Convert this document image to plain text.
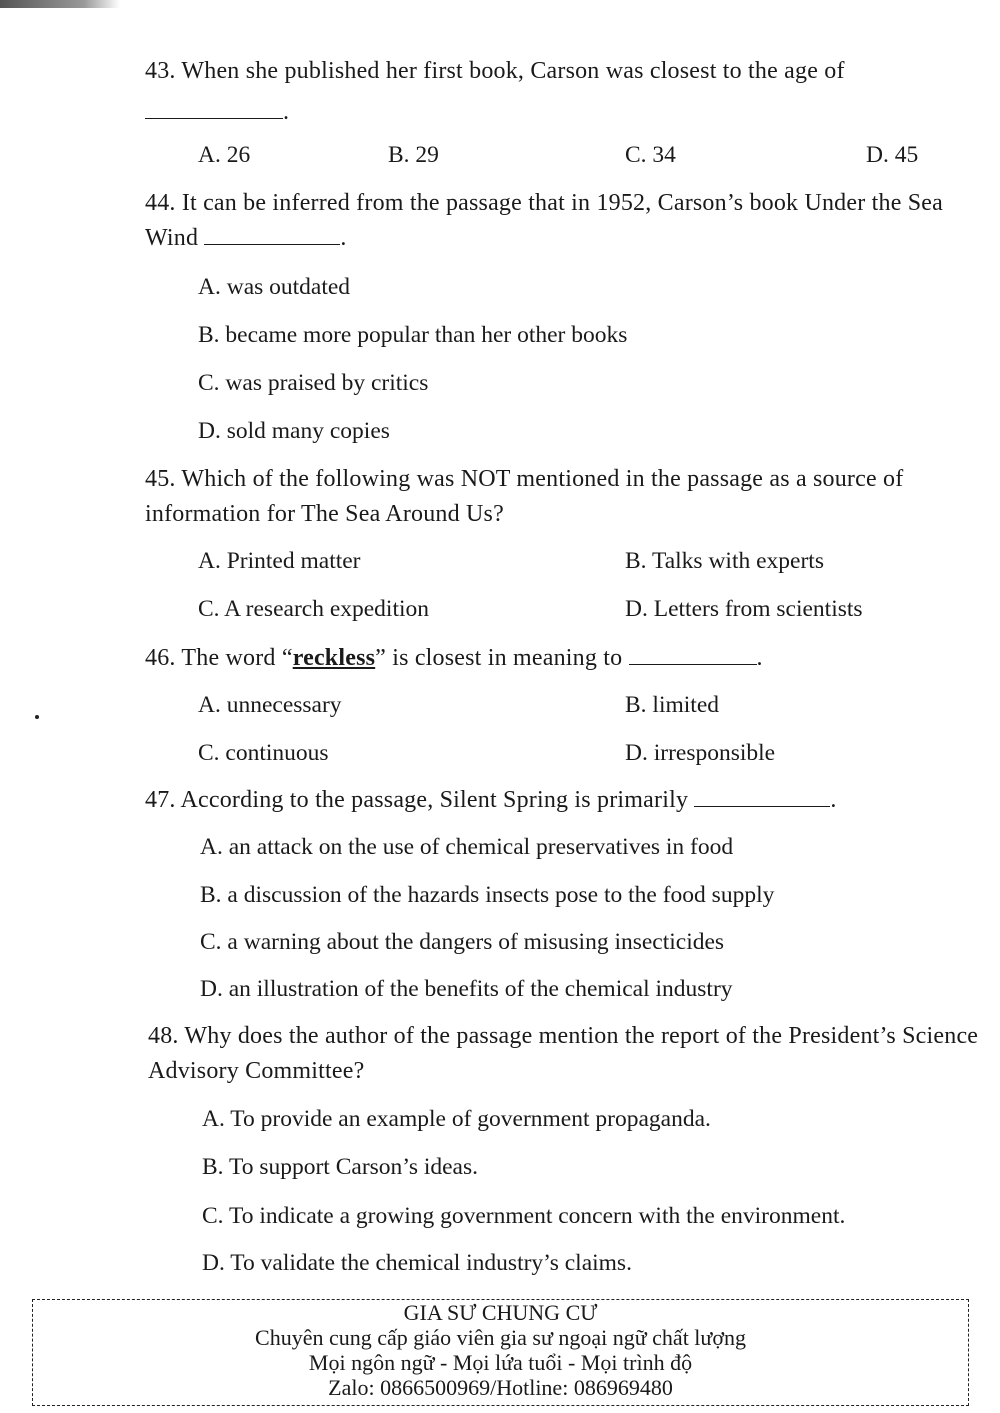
43. When she published her first book, Carson was closest to the age of
.
A. 26	B. 29	C. 34	D. 45
44. It can be inferred from the passage that in 1952, Carson’s book Under the Sea Wind	.
A. was outdated
B. became more popular than her other books
C. was praised by critics
D. sold many copies
45. Which of the following was NOT mentioned in the passage as a source of information for The Sea Around Us?
A. Printed matter	B. Talks with experts
C. A research expedition	D. Letters from scientists
46. The word “reckless” is closest in meaning to	.
A. unnecessary	B. limited
C. continuous	D. irresponsible
47. According to the passage, Silent Spring is primarily	.
A. an attack on the use of chemical preservatives in food
B. a discussion of the hazards insects pose to the food supply
C. a warning about the dangers of misusing insecticides
D. an illustration of the benefits of the chemical industry
48. Why does the author of the passage mention the report of the President’s Science Advisory Committee?
A. To provide an example of government propaganda.
B. To support Carson’s ideas.
C. To indicate a growing government concern with the environment.
D. To validate the chemical industry’s claims.
GIA SƯ CHUNG CƯ
Chuyên cung cấp giáo viên gia sư ngoại ngữ chất lượng
Mọi ngôn ngữ - Mọi lứa tuổi - Mọi trình độ
Zalo: 0866500969/Hotline: 086969480
